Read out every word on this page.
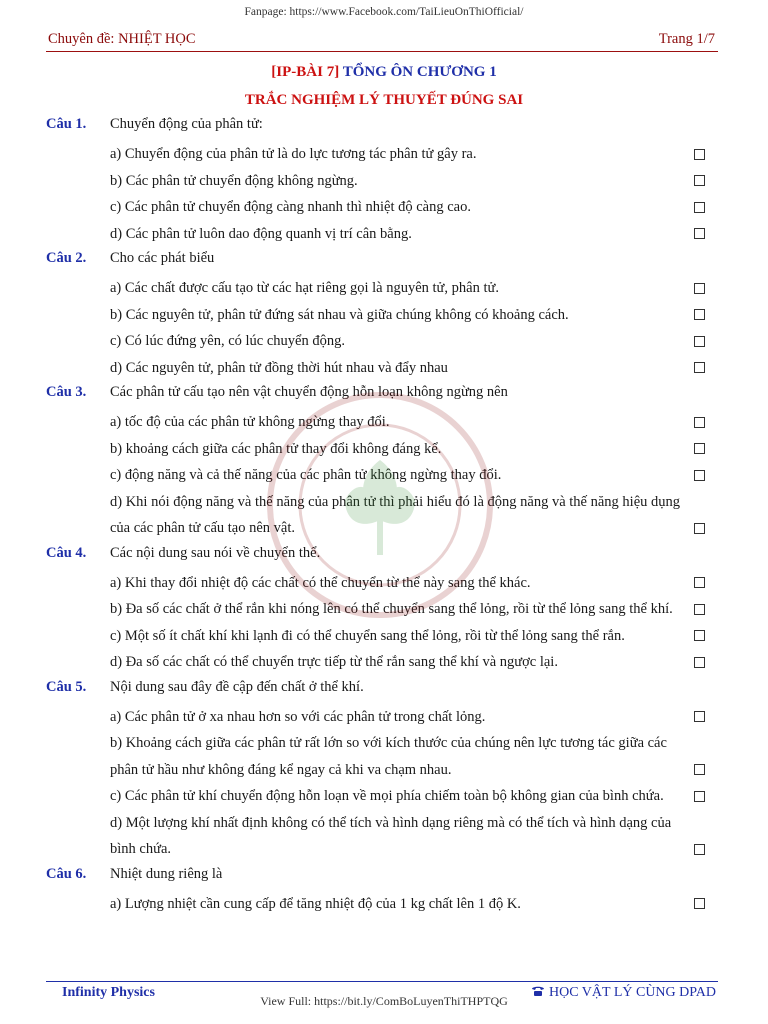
Fanpage: https://www.Facebook.com/TaiLieuOnThiOfficial/
Chuyên đề: NHIỆT HỌC	Trang 1/7
[IP-BÀI 7] TỔNG ÔN CHƯƠNG 1
TRẮC NGHIỆM LÝ THUYẾT ĐÚNG SAI
Câu 1. Chuyển động của phân tử:
a) Chuyển động của phân tử là do lực tương tác phân tử gây ra.
b) Các phân tử chuyển động không ngừng.
c) Các phân tử chuyển động càng nhanh thì nhiệt độ càng cao.
d) Các phân tử luôn dao động quanh vị trí cân bằng.
Câu 2. Cho các phát biểu
a) Các chất được cấu tạo từ các hạt riêng gọi là nguyên tử, phân tử.
b) Các nguyên tử, phân tử đứng sát nhau và giữa chúng không có khoảng cách.
c) Có lúc đứng yên, có lúc chuyển động.
d) Các nguyên tử, phân tử đồng thời hút nhau và đẩy nhau
Câu 3. Các phân tử cấu tạo nên vật chuyển động hỗn loạn không ngừng nên
a) tốc độ của các phân tử không ngừng thay đổi.
b) khoảng cách giữa các phân tử thay đổi không đáng kể.
c) động năng và cả thế năng của các phân tử không ngừng thay đổi.
d) Khi nói động năng và thế năng của phân tử thì phải hiểu đó là động năng và thế năng hiệu dụng của các phân tử cấu tạo nên vật.
Câu 4. Các nội dung sau nói về chuyển thể.
a) Khi thay đổi nhiệt độ các chất có thể chuyển từ thể này sang thể khác.
b) Đa số các chất ở thể rắn khi nóng lên có thể chuyển sang thể lỏng, rồi từ thể lỏng sang thể khí.
c) Một số ít chất khí khi lạnh đi có thể chuyển sang thể lỏng, rồi từ thể lỏng sang thể rắn.
d) Đa số các chất có thể chuyển trực tiếp từ thể rắn sang thể khí và ngược lại.
Câu 5. Nội dung sau đây đề cập đến chất ở thể khí.
a) Các phân tử ở xa nhau hơn so với các phân tử trong chất lỏng.
b) Khoảng cách giữa các phân tử rất lớn so với kích thước của chúng nên lực tương tác giữa các phân tử hầu như không đáng kể ngay cả khi va chạm nhau.
c) Các phân tử khí chuyển động hỗn loạn về mọi phía chiếm toàn bộ không gian của bình chứa.
d) Một lượng khí nhất định không có thể tích và hình dạng riêng mà có thể tích và hình dạng của bình chứa.
Câu 6. Nhiệt dung riêng là
a) Lượng nhiệt cần cung cấp để tăng nhiệt độ của 1 kg chất lên 1 độ K.
Infinity Physics
View Full: https://bit.ly/ComBoLuyenThiTHPTQG
HỌC VẬT LÝ CÙNG DPAD
